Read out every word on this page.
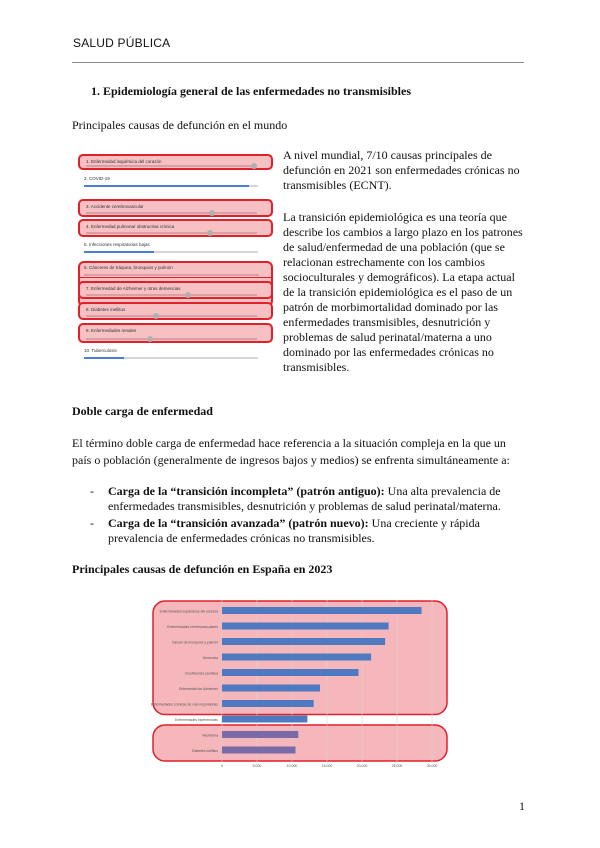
SALUD PÚBLICA
1. Epidemiología general de las enfermedades no transmisibles
Principales causas de defunción en el mundo
1. Enfermedad isquémica del corazón
2. COVID-19
3. Accidente cerebrovascular
4. Enfermedad pulmonar obstructiva crónica
5. Infecciones respiratorias bajas
6. Cánceres de tráquea, bronquios y pulmón
7. Enfermedad de Alzheimer y otras demencias
8. Diabetes mellitus
9. Enfermedades renales
10. Tuberculosis
A nivel mundial, 7/10 causas principales de defunción en 2021 son enfermedades crónicas no transmisibles (ECNT).
La transición epidemiológica es una teoría que describe los cambios a largo plazo en los patrones de salud/enfermedad de una población (que se relacionan estrechamente con los cambios socioculturales y demográficos). La etapa actual de la transición epidemiológica es el paso de un patrón de morbimortalidad dominado por las enfermedades transmisibles, desnutrición y problemas de salud perinatal/materna a uno dominado por las enfermedades crónicas no transmisibles.
Doble carga de enfermedad
El término doble carga de enfermedad hace referencia a la situación compleja en la que un país o población (generalmente de ingresos bajos y medios) se enfrenta simultáneamente a:
- Carga de la “transición incompleta” (patrón antiguo): Una alta prevalencia de enfermedades transmisibles, desnutrición y problemas de salud perinatal/materna.
- Carga de la “transición avanzada” (patrón nuevo): Una creciente y rápida prevalencia de enfermedades crónicas no transmisibles.
Principales causas de defunción en España en 2023
0	5.000	10.000	15.000	20.000	25.000	30.000
Enfermedades isquémicas del corazón
Enfermedades cerebrovasculares
Cáncer de bronquios y pulmón
Demencia
Insuficiencia cardíaca
Enfermedad de Alzheimer
Enfermedades crónicas de vías respiratorias
Enfermedades hipertensivas
Neumonía
Diabetes mellitus
1
